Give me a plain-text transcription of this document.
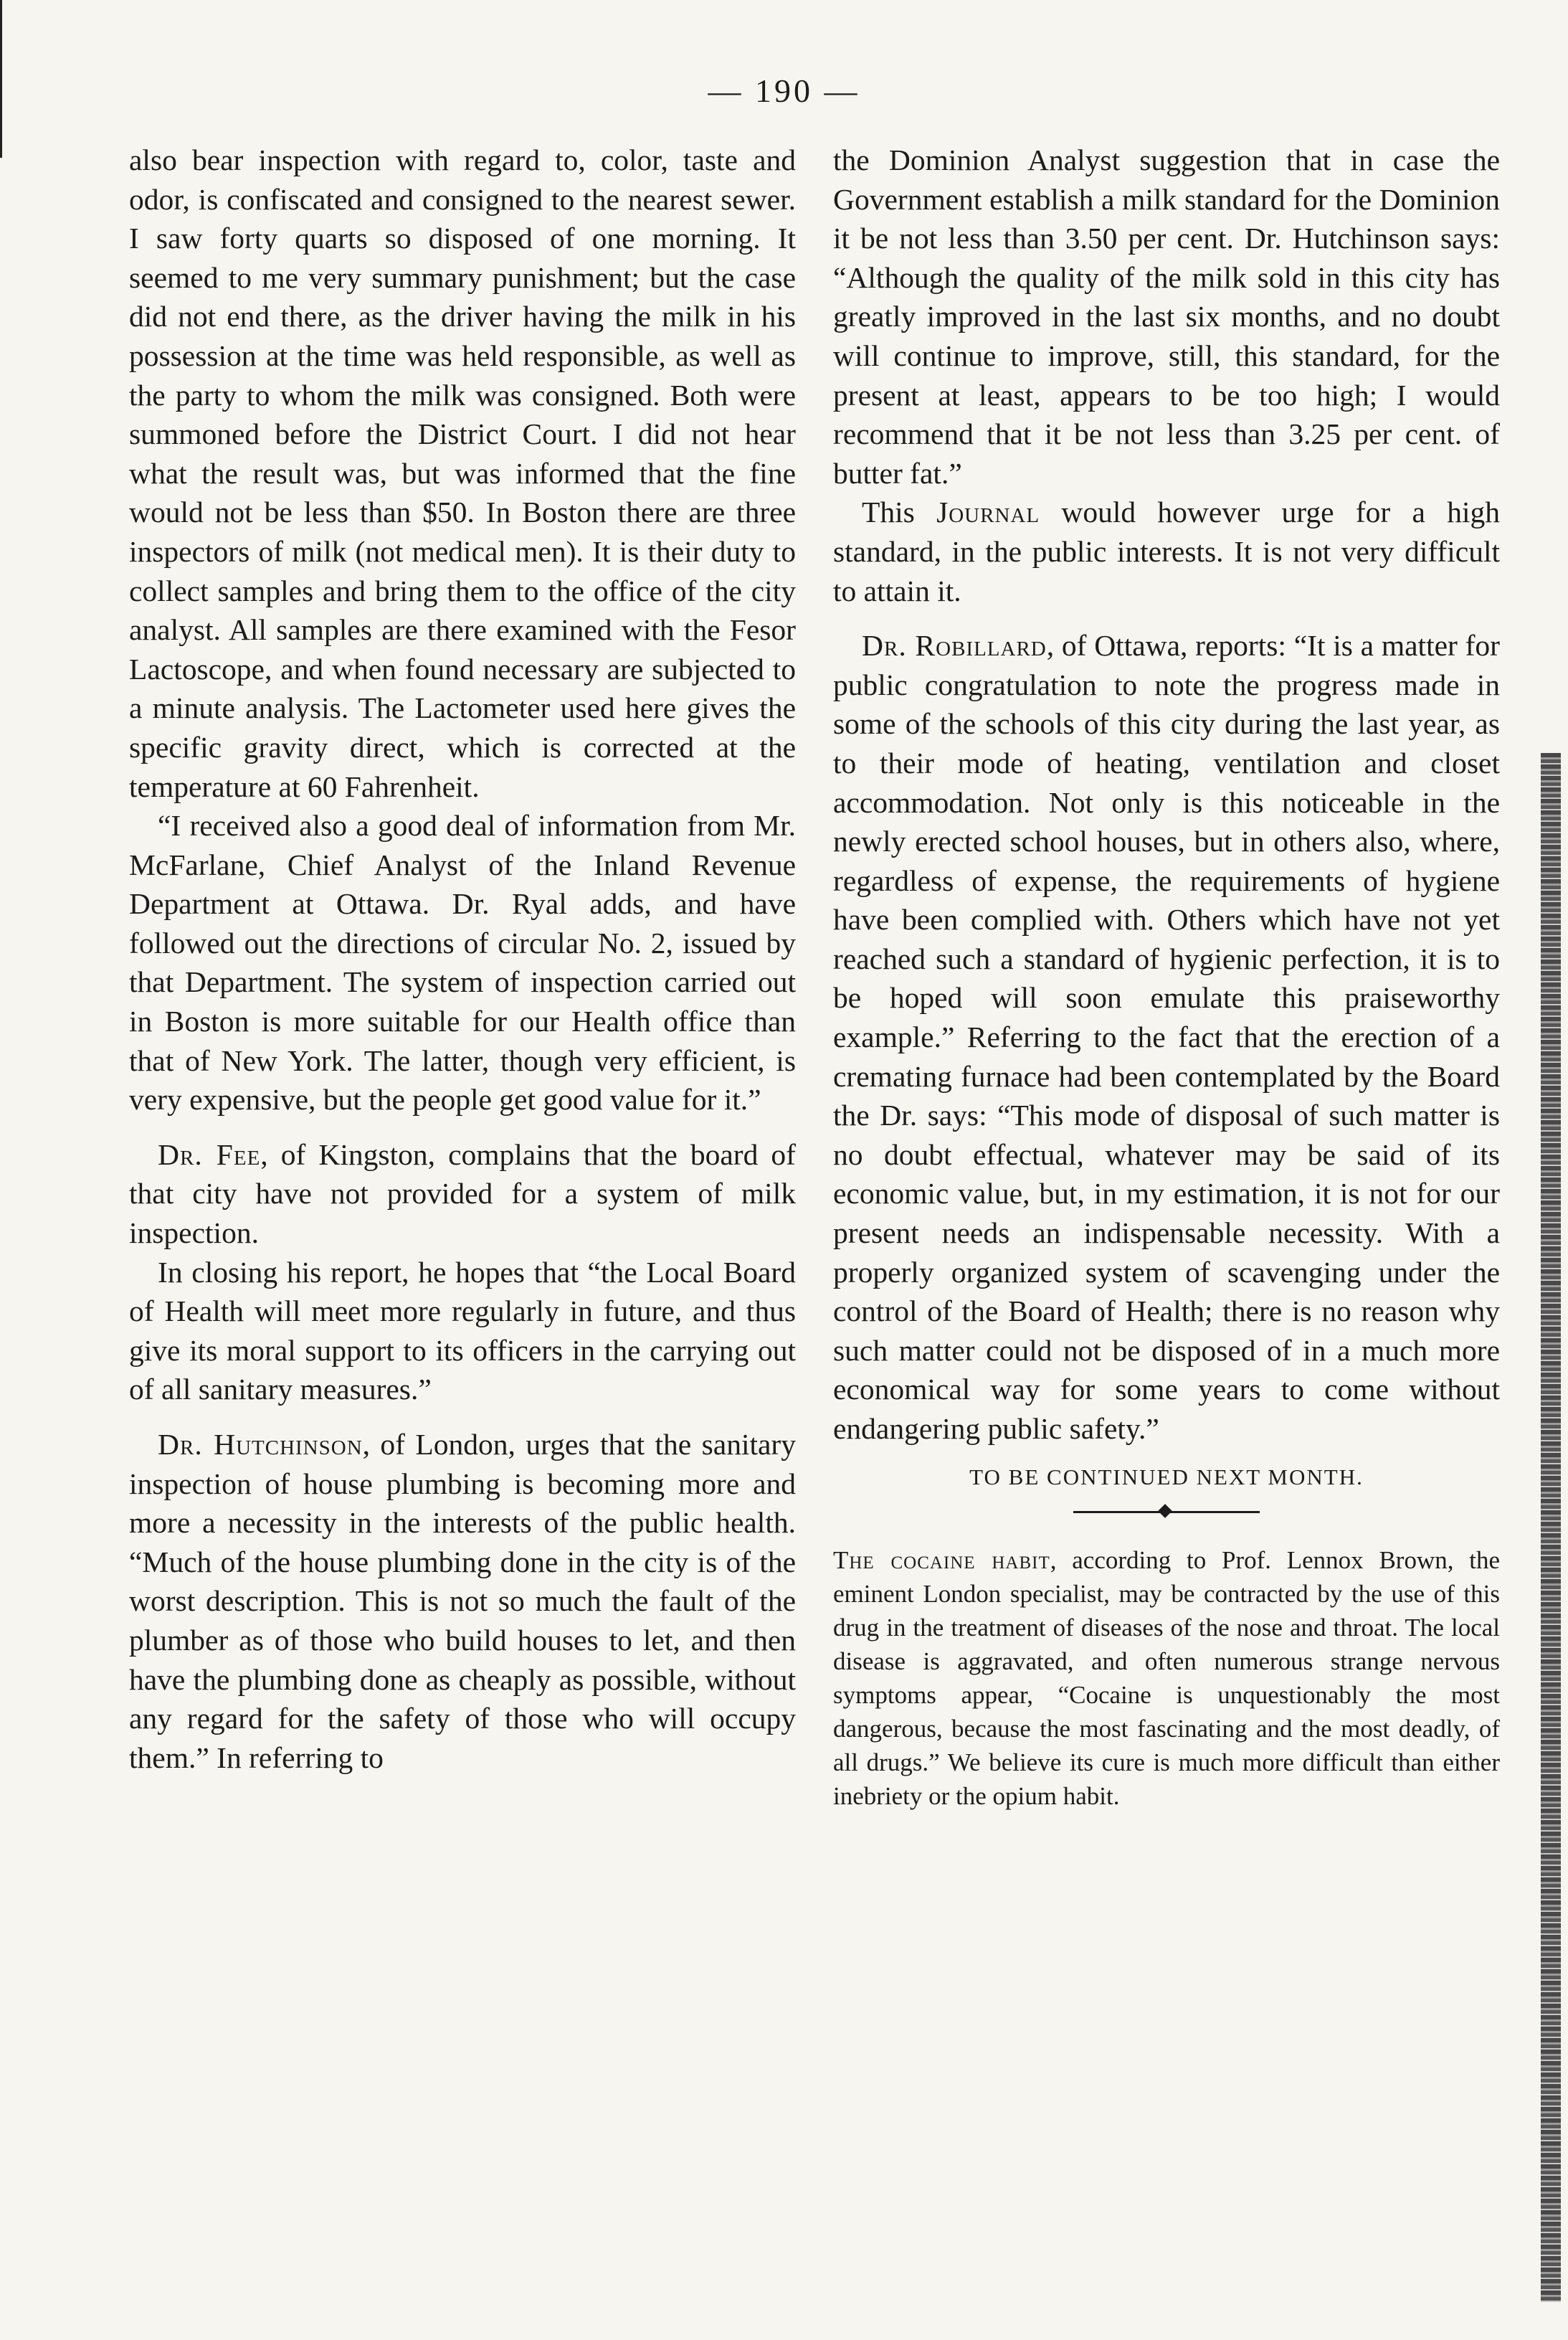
— 190 —

also bear inspection with regard to, color, taste and odor, is confiscated and consigned to the nearest sewer. I saw forty quarts so disposed of one morning. It seemed to me very summary punishment; but the case did not end there, as the driver having the milk in his possession at the time was held responsible, as well as the party to whom the milk was consigned. Both were summoned before the District Court. I did not hear what the result was, but was informed that the fine would not be less than $50. In Boston there are three inspectors of milk (not medical men). It is their duty to collect samples and bring them to the office of the city analyst. All samples are there examined with the Fesor Lactoscope, and when found necessary are subjected to a minute analysis. The Lactometer used here gives the specific gravity direct, which is corrected at the temperature at 60 Fahrenheit.

“I received also a good deal of information from Mr. McFarlane, Chief Analyst of the Inland Revenue Department at Ottawa. Dr. Ryal adds, and have followed out the directions of circular No. 2, issued by that Department. The system of inspection carried out in Boston is more suitable for our Health office than that of New York. The latter, though very efficient, is very expensive, but the people get good value for it.”

Dr. Fee, of Kingston, complains that the board of that city have not provided for a system of milk inspection.

In closing his report, he hopes that “the Local Board of Health will meet more regularly in future, and thus give its moral support to its officers in the carrying out of all sanitary measures.”

Dr. Hutchinson, of London, urges that the sanitary inspection of house plumbing is becoming more and more a necessity in the interests of the public health. “Much of the house plumbing done in the city is of the worst description. This is not so much the fault of the plumber as of those who build houses to let, and then have the plumbing done as cheaply as possible, without any regard for the safety of those who will occupy them.” In referring to

the Dominion Analyst suggestion that in case the Government establish a milk standard for the Dominion it be not less than 3.50 per cent. Dr. Hutchinson says: “Although the quality of the milk sold in this city has greatly improved in the last six months, and no doubt will continue to improve, still, this standard, for the present at least, appears to be too high; I would recommend that it be not less than 3.25 per cent. of butter fat.”

This Journal would however urge for a high standard, in the public interests. It is not very difficult to attain it.

Dr. Robillard, of Ottawa, reports: “It is a matter for public congratulation to note the progress made in some of the schools of this city during the last year, as to their mode of heating, ventilation and closet accommodation. Not only is this noticeable in the newly erected school houses, but in others also, where, regardless of expense, the requirements of hygiene have been complied with. Others which have not yet reached such a standard of hygienic perfection, it is to be hoped will soon emulate this praiseworthy example.” Referring to the fact that the erection of a cremating furnace had been contemplated by the Board the Dr. says: “This mode of disposal of such matter is no doubt effectual, whatever may be said of its economic value, but, in my estimation, it is not for our present needs an indispensable necessity. With a properly organized system of scavenging under the control of the Board of Health; there is no reason why such matter could not be disposed of in a much more economical way for some years to come without endangering public safety.”

TO BE CONTINUED NEXT MONTH.

The cocaine habit, according to Prof. Lennox Brown, the eminent London specialist, may be contracted by the use of this drug in the treatment of diseases of the nose and throat. The local disease is aggravated, and often numerous strange nervous symptoms appear, “Cocaine is unquestionably the most dangerous, because the most fascinating and the most deadly, of all drugs.” We believe its cure is much more difficult than either inebriety or the opium habit.
